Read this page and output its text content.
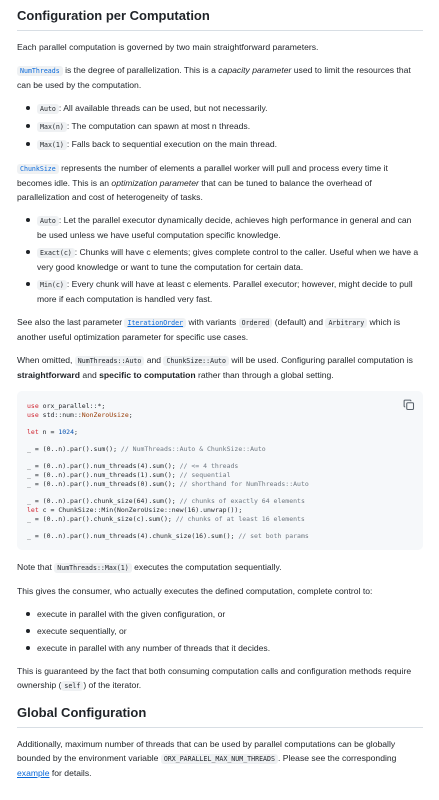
Configuration per Computation

Each parallel computation is governed by two main straightforward parameters.

NumThreads is the degree of parallelization. This is a capacity parameter used to limit the resources that can be used by the computation.

Auto : All available threads can be used, but not necessarily.
Max(n) : The computation can spawn at most n threads.
Max(1) : Falls back to sequential execution on the main thread.

ChunkSize represents the number of elements a parallel worker will pull and process every time it becomes idle. This is an optimization parameter that can be tuned to balance the overhead of parallelization and cost of heterogeneity of tasks.

Auto : Let the parallel executor dynamically decide, achieves high performance in general and can be used unless we have useful computation specific knowledge.
Exact(c) : Chunks will have c elements; gives complete control to the caller. Useful when we have a very good knowledge or want to tune the computation for certain data.
Min(c) : Every chunk will have at least c elements. Parallel executor; however, might decide to pull more if each computation is handled very fast.

See also the last parameter IterationOrder with variants Ordered (default) and Arbitrary which is another useful optimization parameter for specific use cases.

When omitted, NumThreads::Auto and ChunkSize::Auto will be used. Configuring parallel computation is straightforward and specific to computation rather than through a global setting.

use orx_parallel::*;
use std::num::NonZeroUsize;
let n = 1024;
_ = (0..n).par().sum(); // NumThreads::Auto & ChunkSize::Auto
_ = (0..n).par().num_threads(4).sum(); // <= 4 threads
_ = (0..n).par().num_threads(1).sum(); // sequential
_ = (0..n).par().num_threads(0).sum(); // shorthand for NumThreads::Auto
_ = (0..n).par().chunk_size(64).sum(); // chunks of exactly 64 elements
let c = ChunkSize::Min(NonZeroUsize::new(16).unwrap());
_ = (0..n).par().chunk_size(c).sum(); // chunks of at least 16 elements
_ = (0..n).par().num_threads(4).chunk_size(16).sum(); // set both params

Note that NumThreads::Max(1) executes the computation sequentially.

This gives the consumer, who actually executes the defined computation, complete control to:

execute in parallel with the given configuration, or
execute sequentially, or
execute in parallel with any number of threads that it decides.

This is guaranteed by the fact that both consuming computation calls and configuration methods require ownership ( self ) of the iterator.

Global Configuration

Additionally, maximum number of threads that can be used by parallel computations can be globally bounded by the environment variable ORX_PARALLEL_MAX_NUM_THREADS . Please see the corresponding example for details.
